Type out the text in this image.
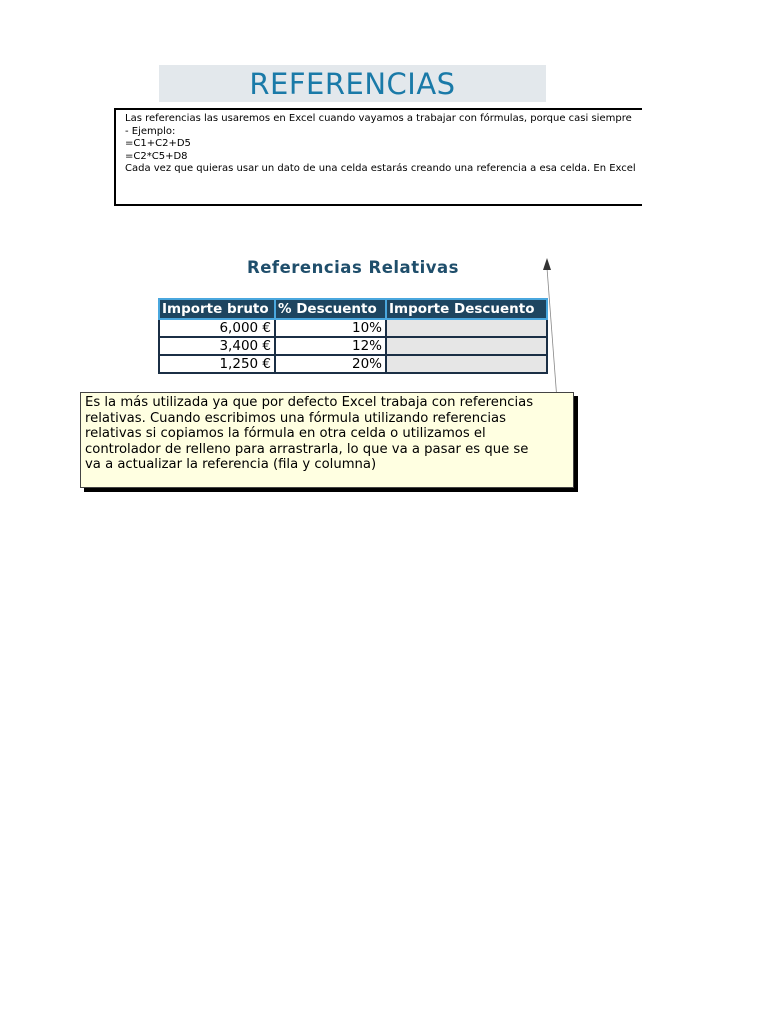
REFERENCIAS
Las referencias las usaremos en Excel cuando vayamos a trabajar con fórmulas, porque casi siempre
- Ejemplo:
=C1+C2+D5
=C2*C5+D8
Cada vez que quieras usar un dato de una celda estarás creando una referencia a esa celda. En Excel
Referencias Relativas
Importe bruto	% Descuento	Importe Descuento
6,000 €	10%	
3,400 €	12%	
1,250 €	20%	
Es la más utilizada ya que por defecto Excel trabaja con referencias
relativas. Cuando escribimos una fórmula utilizando referencias
relativas si copiamos la fórmula en otra celda o utilizamos el
controlador de relleno para arrastrarla, lo que va a pasar es que se
va a actualizar la referencia (fila y columna)
